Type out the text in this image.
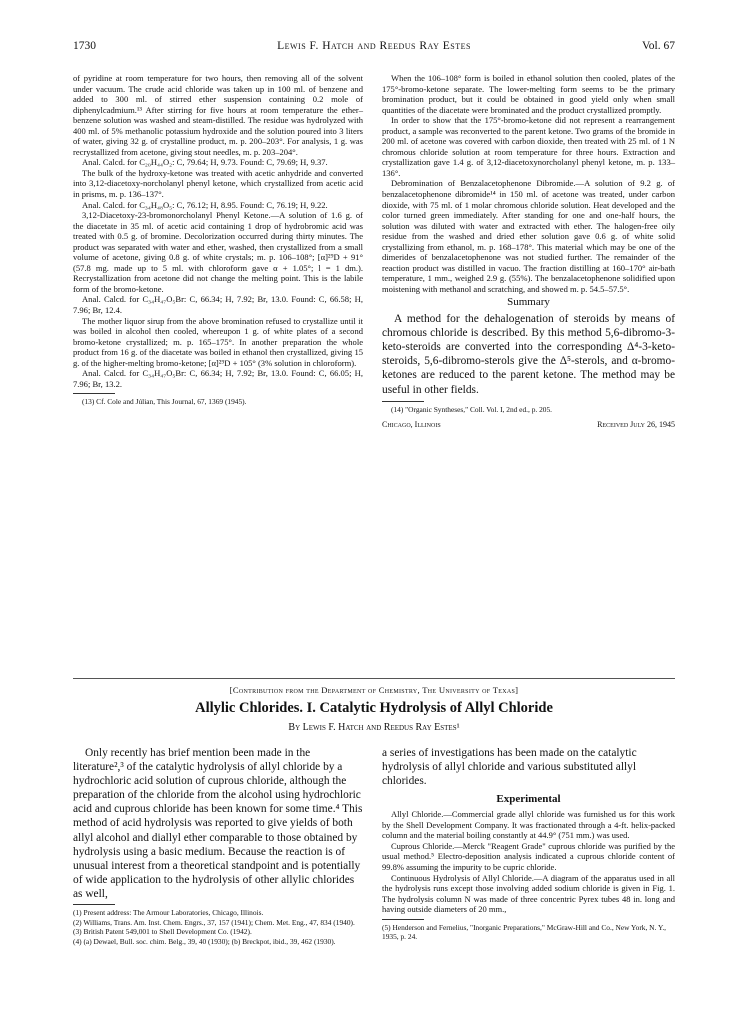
1730	Lewis F. Hatch and Reedus Ray Estes	Vol. 67

of pyridine at room temperature for two hours, then removing all of the solvent under vacuum. The crude acid chloride was taken up in 100 ml. of benzene and added to 300 ml. of stirred ether suspension containing 0.2 mole of diphenylcadmium.¹³ After stirring for five hours at room temperature the ether–benzene solution was washed and steam-distilled. The residue was hydrolyzed with 400 ml. of 5% methanolic potassium hydroxide and the solution poured into 3 liters of water, giving 32 g. of crystalline product, m. p. 200–203°. For analysis, 1 g. was recrystallized from acetone, giving stout needles, m. p. 203–204°.

Anal. Calcd. for C₂₀H₄₄O₂: C, 79.64; H, 9.73. Found: C, 79.69; H, 9.37.

The bulk of the hydroxy-ketone was treated with acetic anhydride and converted into 3,12-diacetoxy-norcholanyl phenyl ketone, which crystallized from acetic acid in prisms, m. p. 136–137°.

Anal. Calcd. for C₃₄H₄₈O₅: C, 76.12; H, 8.95. Found: C, 76.19; H, 9.22.

3,12-Diacetoxy-23-bromonorcholanyl Phenyl Ketone.—A solution of 1.6 g. of the diacetate in 35 ml. of acetic acid containing 1 drop of hydrobromic acid was treated with 0.5 g. of bromine. Decolorization occurred during thirty minutes. The product was separated with water and ether, washed, then crystallized from a small volume of acetone, giving 0.8 g. of white crystals; m. p. 106–108°; [α]²⁹D + 91° (57.8 mg. made up to 5 ml. with chloroform gave α + 1.05°; l = 1 dm.). Recrystallization from acetone did not change the melting point. This is the labile form of the bromo-ketone.

Anal. Calcd. for C₃₄H₄₇O₅Br: C, 66.34; H, 7.92; Br, 13.0. Found: C, 66.58; H, 7.96; Br, 12.4.

The mother liquor sirup from the above bromination refused to crystallize until it was boiled in alcohol then cooled, whereupon 1 g. of white plates of a second bromo-ketone crystallized; m. p. 165–175°. In another preparation the whole product from 16 g. of the diacetate was boiled in ethanol then crystallized, giving 15 g. of the higher-melting bromo-ketone; [α]²⁹D + 105° (3% solution in chloroform).

Anal. Calcd. for C₃₄H₄₇O₅Br: C, 66.34; H, 7.92; Br, 13.0. Found: C, 66.05; H, 7.96; Br, 13.2.

(13) Cf. Cole and Júlian, This Journal, 67, 1369 (1945).

When the 106–108° form is boiled in ethanol solution then cooled, plates of the 175°-bromo-ketone separate. The lower-melting form seems to be the primary bromination product, but it could be obtained in good yield only when small quantities of the diacetate were brominated and the product crystallized promptly.

In order to show that the 175°-bromo-ketone did not represent a rearrangement product, a sample was reconverted to the parent ketone. Two grams of the bromide in 200 ml. of acetone was covered with carbon dioxide, then treated with 25 ml. of 1 N chromous chloride solution at room temperature for three hours. Extraction and crystallization gave 1.4 g. of 3,12-diacetoxynorcholanyl phenyl ketone, m. p. 133–136°.

Debromination of Benzalacetophenone Dibromide.—A solution of 9.2 g. of benzalacetophenone dibromide¹⁴ in 150 ml. of acetone was treated, under carbon dioxide, with 75 ml. of 1 molar chromous chloride solution. Heat developed and the color turned green immediately. After standing for one and one-half hours, the solution was diluted with water and extracted with ether. The halogen-free oily residue from the washed and dried ether solution gave 0.6 g. of white solid crystallizing from ethanol, m. p. 168–178°. This material which may be one of the dimerides of benzalacetophenone was not studied further. The remainder of the reaction product was distilled in vacuo. The fraction distilling at 160–170° air-bath temperature, 1 mm., weighed 2.9 g. (55%). The benzalacetophenone solidified upon moistening with methanol and scratching, and showed m. p. 54.5–57.5°.

Summary

A method for the dehalogenation of steroids by means of chromous chloride is described. By this method 5,6-dibromo-3-keto-steroids are converted into the corresponding Δ⁴-3-keto-steroids, 5,6-dibromo-sterols give the Δ⁵-sterols, and α-bromo-ketones are reduced to the parent ketone. The method may be useful in other fields.

(14) "Organic Syntheses," Coll. Vol. I, 2nd ed., p. 205.

Chicago, Illinois	Received July 26, 1945
[Contribution from the Department of Chemistry, The University of Texas]
Allylic Chlorides. I. Catalytic Hydrolysis of Allyl Chloride
By Lewis F. Hatch and Reedus Ray Estes¹

Only recently has brief mention been made in the literature²,³ of the catalytic hydrolysis of allyl chloride by a hydrochloric acid solution of cuprous chloride, although the preparation of the chloride from the alcohol using hydrochloric acid and cuprous chloride has been known for some time.⁴ This method of acid hydrolysis was reported to give yields of both allyl alcohol and diallyl ether comparable to those obtained by hydrolysis using a basic medium. Because the reaction is of unusual interest from a theoretical standpoint and is potentially of wide application to the hydrolysis of other allylic chlorides as well,

(1) Present address: The Armour Laboratories, Chicago, Illinois.

(2) Williams, Trans. Am. Inst. Chem. Engrs., 37, 157 (1941); Chem. Met. Eng., 47, 834 (1940).

(3) British Patent 549,001 to Shell Development Co. (1942).

(4) (a) Dewael, Bull. soc. chim. Belg., 39, 40 (1930); (b) Breckpot, ibid., 39, 462 (1930).

a series of investigations has been made on the catalytic hydrolysis of allyl chloride and various substituted allyl chlorides.

Experimental

Allyl Chloride.—Commercial grade allyl chloride was furnished us for this work by the Shell Development Company. It was fractionated through a 4-ft. helix-packed column and the material boiling constantly at 44.9° (751 mm.) was used.

Cuprous Chloride.—Merck "Reagent Grade" cuprous chloride was purified by the usual method.⁵ Electro-deposition analysis indicated a cuprous chloride content of 99.8% assuming the impurity to be cupric chloride.

Continuous Hydrolysis of Allyl Chloride.—A diagram of the apparatus used in all the hydrolysis runs except those involving added sodium chloride is given in Fig. 1. The hydrolysis column N was made of three concentric Pyrex tubes 48 in. long and having outside diameters of 20 mm.,

(5) Henderson and Fernelius, "Inorganic Preparations," McGraw-Hill and Co., New York, N. Y., 1935, p. 24.
